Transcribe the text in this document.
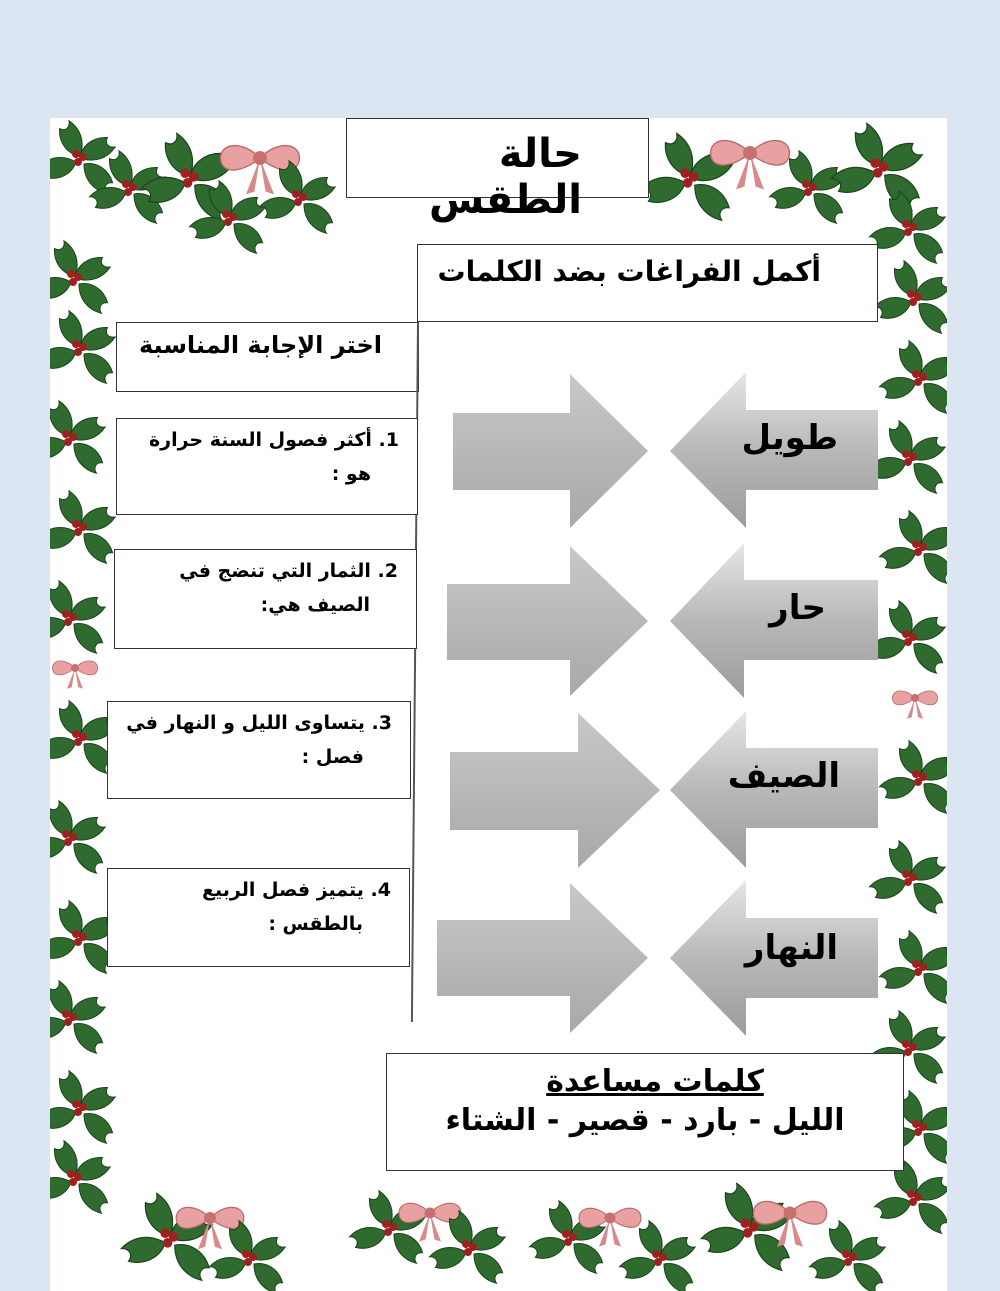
حالة الطقس
أكمل الفراغات بضد الكلمات
اختر الإجابة المناسبة
1. أكثر فصول السنة حرارة
هو :
2. الثمار التي تنضج في
الصيف هي:
3. يتساوى الليل و النهار في
فصل :
4. يتميز فصل الربيع
بالطقس :
طويل
حار
الصيف
النهار
كلمات مساعدة
الليل - بارد - قصير - الشتاء
